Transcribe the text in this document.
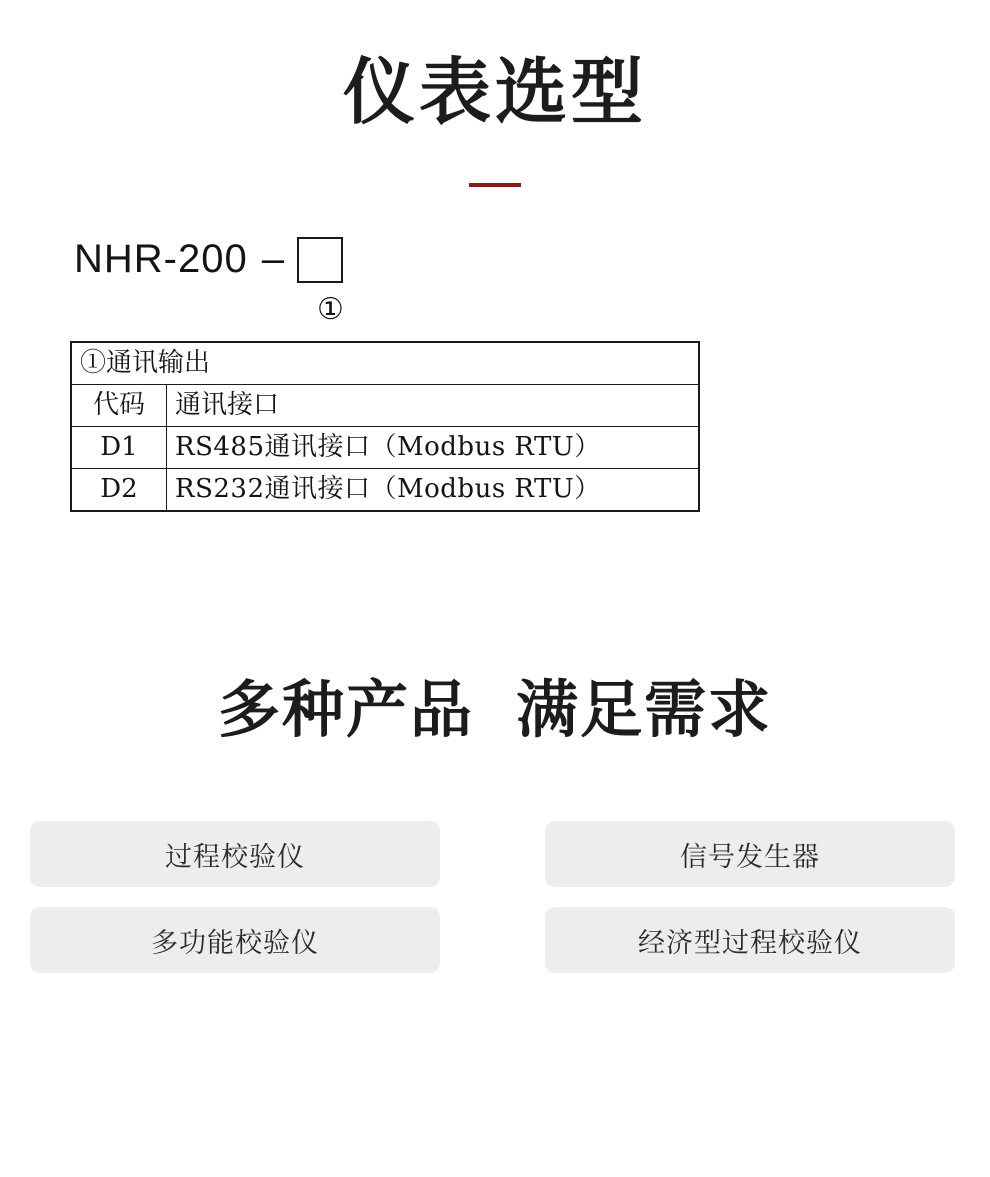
仪表选型
NHR-200 –
①
①通讯输出	
代码	通讯接口
D1	RS485通讯接口（Modbus RTU）
D2	RS232通讯接口（Modbus RTU）
多种产品 满足需求
过程校验仪	信号发生器
多功能校验仪	经济型过程校验仪
